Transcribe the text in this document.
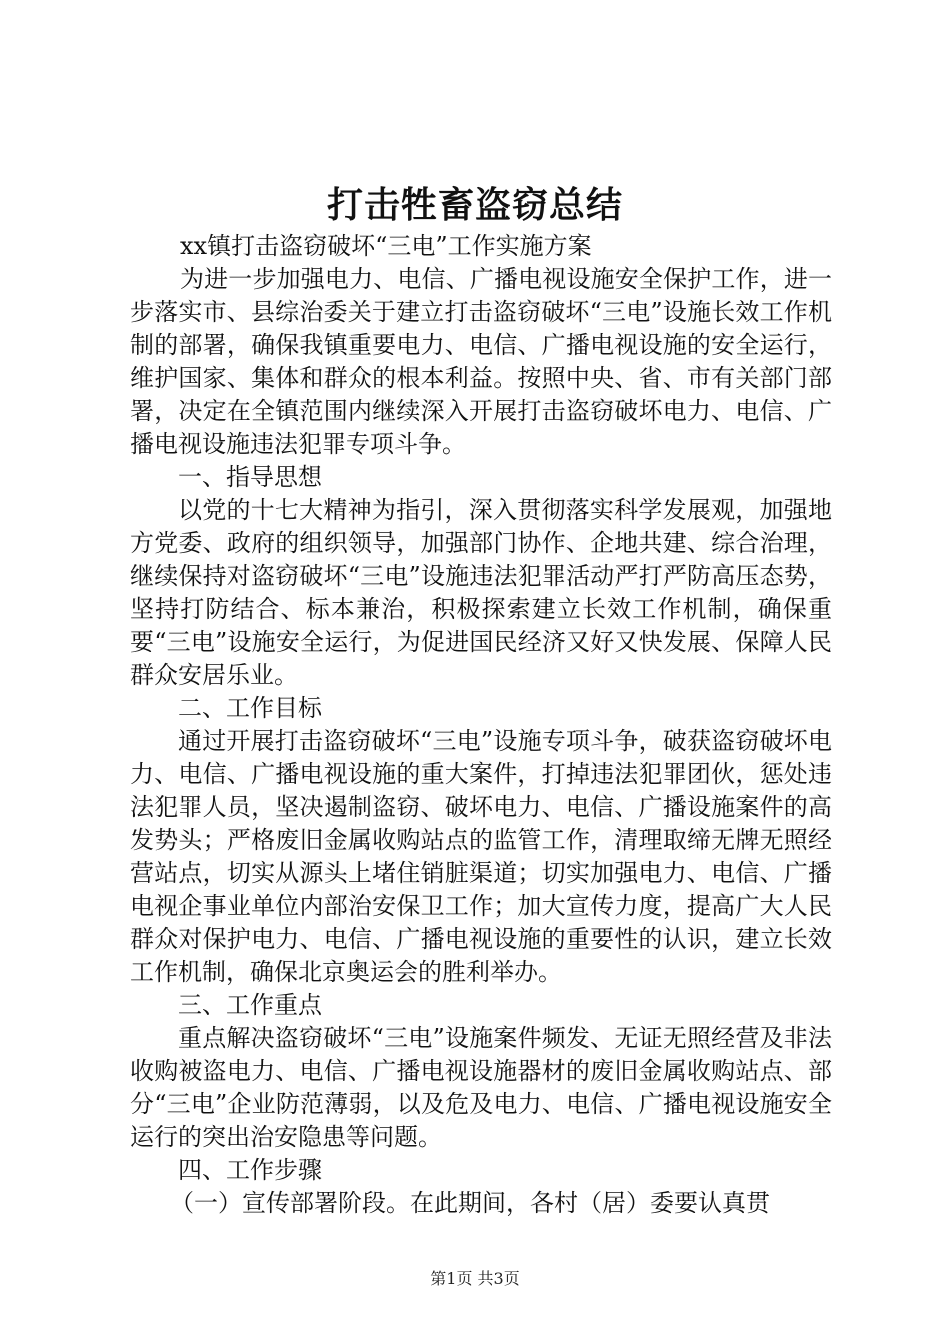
打击牲畜盗窃总结

xx镇打击盗窃破坏“三电”工作实施方案

为进一步加强电力、电信、广播电视设施安全保护工作，进一步落实市、县综治委关于建立打击盗窃破坏“三电”设施长效工作机制的部署，确保我镇重要电力、电信、广播电视设施的安全运行，维护国家、集体和群众的根本利益。按照中央、省、市有关部门部署，决定在全镇范围内继续深入开展打击盗窃破坏电力、电信、广播电视设施违法犯罪专项斗争。

一、指导思想

以党的十七大精神为指引，深入贯彻落实科学发展观，加强地方党委、政府的组织领导，加强部门协作、企地共建、综合治理，继续保持对盗窃破坏“三电”设施违法犯罪活动严打严防高压态势，坚持打防结合、标本兼治，积极探索建立长效工作机制，确保重要“三电”设施安全运行，为促进国民经济又好又快发展、保障人民群众安居乐业。

二、工作目标

通过开展打击盗窃破坏“三电”设施专项斗争，破获盗窃破坏电力、电信、广播电视设施的重大案件，打掉违法犯罪团伙，惩处违法犯罪人员，坚决遏制盗窃、破坏电力、电信、广播设施案件的高发势头；严格废旧金属收购站点的监管工作，清理取缔无牌无照经营站点，切实从源头上堵住销脏渠道；切实加强电力、电信、广播电视企事业单位内部治安保卫工作；加大宣传力度，提高广大人民群众对保护电力、电信、广播电视设施的重要性的认识，建立长效工作机制，确保北京奥运会的胜利举办。

三、工作重点

重点解决盗窃破坏“三电”设施案件频发、无证无照经营及非法收购被盗电力、电信、广播电视设施器材的废旧金属收购站点、部分“三电”企业防范薄弱，以及危及电力、电信、广播电视设施安全运行的突出治安隐患等问题。

四、工作步骤

（一）宣传部署阶段。在此期间，各村（居）委要认真贯

第1页 共3页
